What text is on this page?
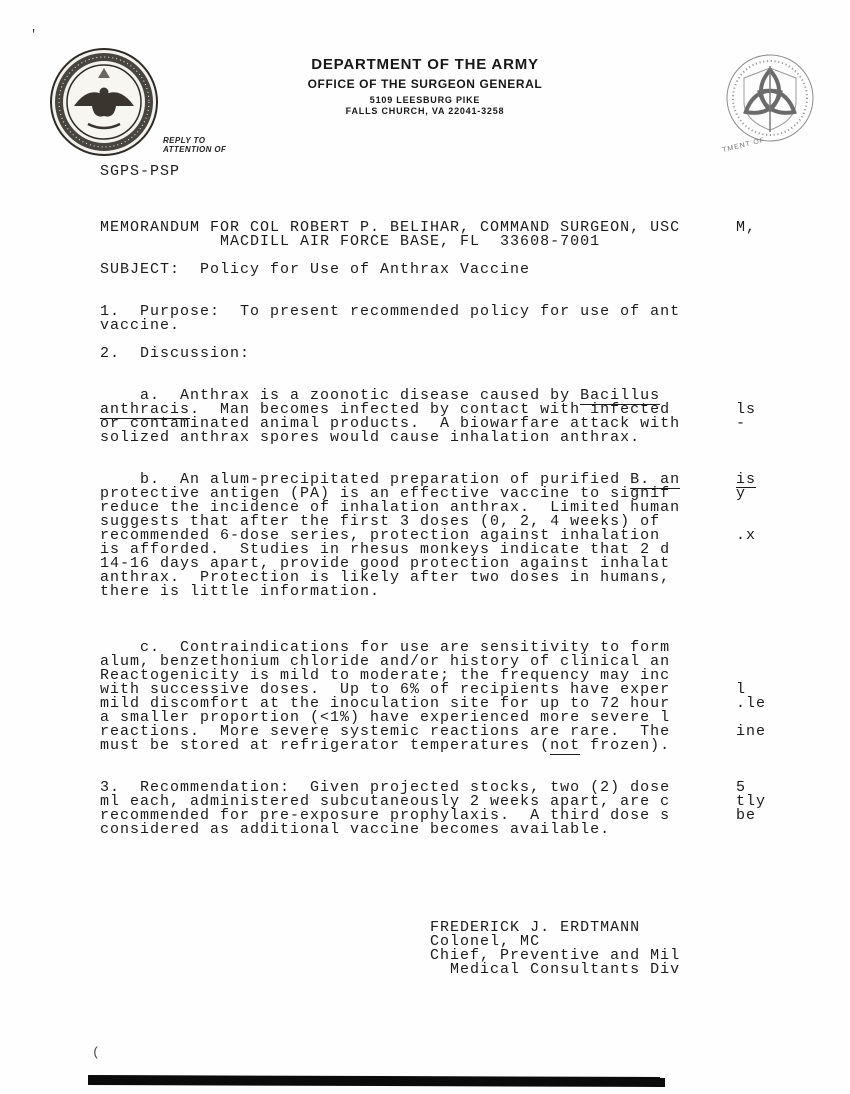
'
DEPARTMENT OF THE ARMY
OFFICE OF THE SURGEON GENERAL
5109 LEESBURG PIKE
FALLS CHURCH, VA 22041-3258
TMENT OF
REPLY TO
ATTENTION OF
SGPS-PSP
MEMORANDUM FOR COL ROBERT P. BELIHAR, COMMAND SURGEON, USC	M,
MACDILL AIR FORCE BASE, FL  33608-7001
SUBJECT:  Policy for Use of Anthrax Vaccine
1.  Purpose:  To present recommended policy for use of ant
vaccine.
2.  Discussion:
a.  Anthrax is a zoonotic disease caused by Bacillus
anthracis.  Man becomes infected by contact with infected	ls
or contaminated animal products.  A biowarfare attack with	-
solized anthrax spores would cause inhalation anthrax.
b.  An alum-precipitated preparation of purified B. an	is
protective antigen (PA) is an effective vaccine to signif	y
reduce the incidence of inhalation anthrax.  Limited human
suggests that after the first 3 doses (0, 2, 4 weeks) of
recommended 6-dose series, protection against inhalation	.x
is afforded.  Studies in rhesus monkeys indicate that 2 d
14-16 days apart, provide good protection against inhalat
anthrax.  Protection is likely after two doses in humans,
there is little information.
c.  Contraindications for use are sensitivity to form
alum, benzethonium chloride and/or history of clinical an
Reactogenicity is mild to moderate; the frequency may inc
with successive doses.  Up to 6% of recipients have exper	l
mild discomfort at the inoculation site for up to 72 hour	.le
a smaller proportion (<1%) have experienced more severe l
reactions.  More severe systemic reactions are rare.  The	ine
must be stored at refrigerator temperatures (not frozen).
3.  Recommendation:  Given projected stocks, two (2) dose	5
ml each, administered subcutaneously 2 weeks apart, are c	tly
recommended for pre-exposure prophylaxis.  A third dose s	be
considered as additional vaccine becomes available.
FREDERICK J. ERDTMANN
Colonel, MC
Chief, Preventive and Mil
Medical Consultants Div
(
